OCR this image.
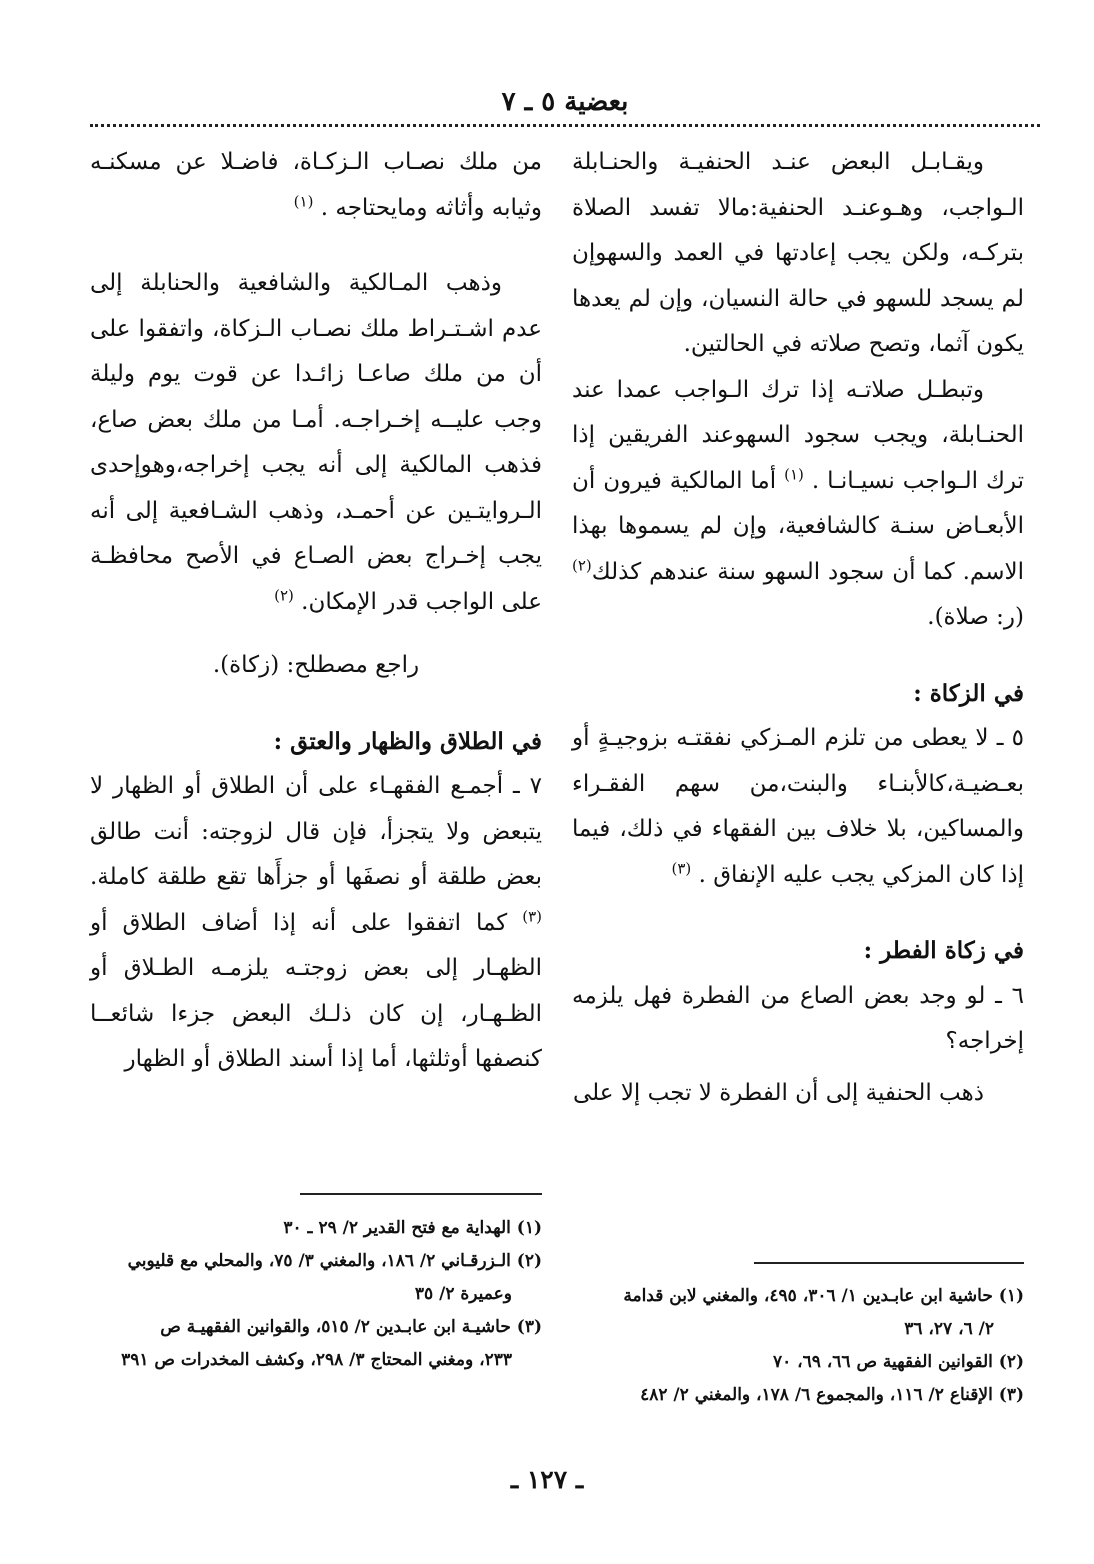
بعضية ٥ ـ ٧

ويقـابـل البعض عنـد الحنفيـة والحنـابلة الـواجب، وهـوعنـد الحنفية:مالا تفسد الصلاة بتركـه، ولكن يجب إعادتها في العمد والسهوإن لم يسجد للسهو في حالة النسيان، وإن لم يعدها يكون آثما، وتصح صلاته في الحالتين.

وتبطـل صلاتـه إذا ترك الـواجب عمدا عند الحنـابلة، ويجب سجود السهوعند الفريقين إذا ترك الـواجب نسيـانـا . $^{(١)}$ أما المالكية فيرون أن الأبعـاض سنـة كالشافعية، وإن لم يسموها بهذا الاسم. كما أن سجود السهو سنة عندهم كذلك$^{(٢)}$ (ر: صلاة).

في الزكاة :

٥ ـ لا يعطى من تلزم المـزكي نفقتـه بزوجيـةٍ أو بعـضيـة،كالأبنـاء والبنت،من سهم الفقـراء والمساكين، بلا خلاف بين الفقهاء في ذلك، فيما إذا كان المزكي يجب عليه الإنفاق . $^{(٣)}$

في زكاة الفطر :

٦ ـ لو وجد بعض الصاع من الفطرة فهل يلزمه إخراجه؟

ذهب الحنفية إلى أن الفطرة لا تجب إلا على

من ملك نصـاب الـزكـاة، فاضـلا عن مسكنـه وثيابه وأثاثه ومايحتاجه . $^{(١)}$

وذهب المـالكية والشافعية والحنابلة إلى عدم اشـتـراط ملك نصـاب الـزكاة، واتفقوا على أن من ملك صاعـا زائـدا عن قوت يوم وليلة وجب عليــه إخـراجـه. أمـا من ملك بعض صاع، فذهب المالكية إلى أنه يجب إخراجه،وهوإحدى الـروايتـين عن أحمـد، وذهب الشـافعية إلى أنه يجب إخـراج بعض الصـاع في الأصح محافظـة على الواجب قدر الإمكان. $^{(٢)}$

راجع مصطلح: (زكاة).

في الطلاق والظهار والعتق :

٧ ـ أجمـع الفقهـاء على أن الطلاق أو الظهار لا يتبعض ولا يتجزأ، فإن قال لزوجته: أنت طالق بعض طلقة أو نصفَها أو جزأَها تقع طلقة كاملة. $^{(٣)}$ كما اتفقوا على أنه إذا أضاف الطلاق أو الظهـار إلى بعض زوجتـه يلزمـه الطـلاق أو الظـهـار، إن كان ذلـك البعض جزءا شائعــا كنصفها أوثلثها، أما إذا أسند الطلاق أو الظهار

(١) حاشية ابن عابـدين ١/ ٣٠٦، ٤٩٥، والمغني لابن قدامة

٢/ ٦، ٢٧، ٣٦

(٢) القوانين الفقهية ص ٦٦، ٦٩، ٧٠

(٣) الإقناع ٢/ ١١٦، والمجموع ٦/ ١٧٨، والمغني ٢/ ٤٨٢

(١) الهداية مع فتح القدير ٢/ ٢٩ ـ ٣٠

(٢) الـزرقـاني ٢/ ١٨٦، والمغني ٣/ ٧٥، والمحلي مع قليوبي

وعميرة ٢/ ٣٥

(٣) حاشيـة ابن عابـدين ٢/ ٥١٥، والقوانين الفقهيـة ص

٢٣٣، ومغني المحتاج ٣/ ٢٩٨، وكشف المخدرات ص ٣٩١

ـ ١٢٧ ـ
